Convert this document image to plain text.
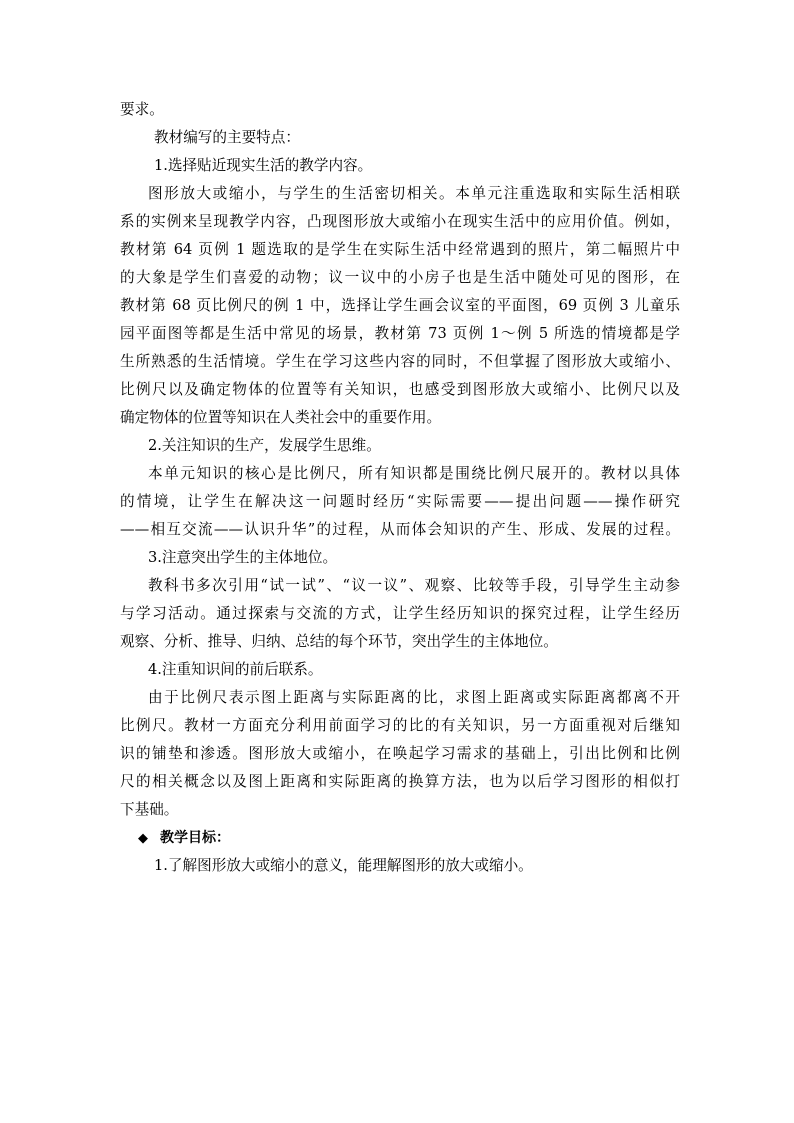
要求。
教材编写的主要特点：
1.选择贴近现实生活的教学内容。
图形放大或缩小，与学生的生活密切相关。本单元注重选取和实际生活相联
系的实例来呈现教学内容，凸现图形放大或缩小在现实生活中的应用价值。例如，
教材第 64 页例 1 题选取的是学生在实际生活中经常遇到的照片，第二幅照片中
的大象是学生们喜爱的动物；议一议中的小房子也是生活中随处可见的图形，在
教材第 68 页比例尺的例 1 中，选择让学生画会议室的平面图，69 页例 3 儿童乐
园平面图等都是生活中常见的场景，教材第 73 页例 1～例 5 所选的情境都是学
生所熟悉的生活情境。学生在学习这些内容的同时，不但掌握了图形放大或缩小、
比例尺以及确定物体的位置等有关知识，也感受到图形放大或缩小、比例尺以及
确定物体的位置等知识在人类社会中的重要作用。
2.关注知识的生产，发展学生思维。
本单元知识的核心是比例尺，所有知识都是围绕比例尺展开的。教材以具体
的情境，让学生在解决这一问题时经历“实际需要——提出问题——操作研究
——相互交流——认识升华”的过程，从而体会知识的产生、形成、发展的过程。
3.注意突出学生的主体地位。
教科书多次引用“试一试”、“议一议”、观察、比较等手段，引导学生主动参
与学习活动。通过探索与交流的方式，让学生经历知识的探究过程，让学生经历
观察、分析、推导、归纳、总结的每个环节，突出学生的主体地位。
4.注重知识间的前后联系。
由于比例尺表示图上距离与实际距离的比，求图上距离或实际距离都离不开
比例尺。教材一方面充分利用前面学习的比的有关知识，另一方面重视对后继知
识的铺垫和渗透。图形放大或缩小，在唤起学习需求的基础上，引出比例和比例
尺的相关概念以及图上距离和实际距离的换算方法，也为以后学习图形的相似打
下基础。
◆ 教学目标：
1.了解图形放大或缩小的意义，能理解图形的放大或缩小。
